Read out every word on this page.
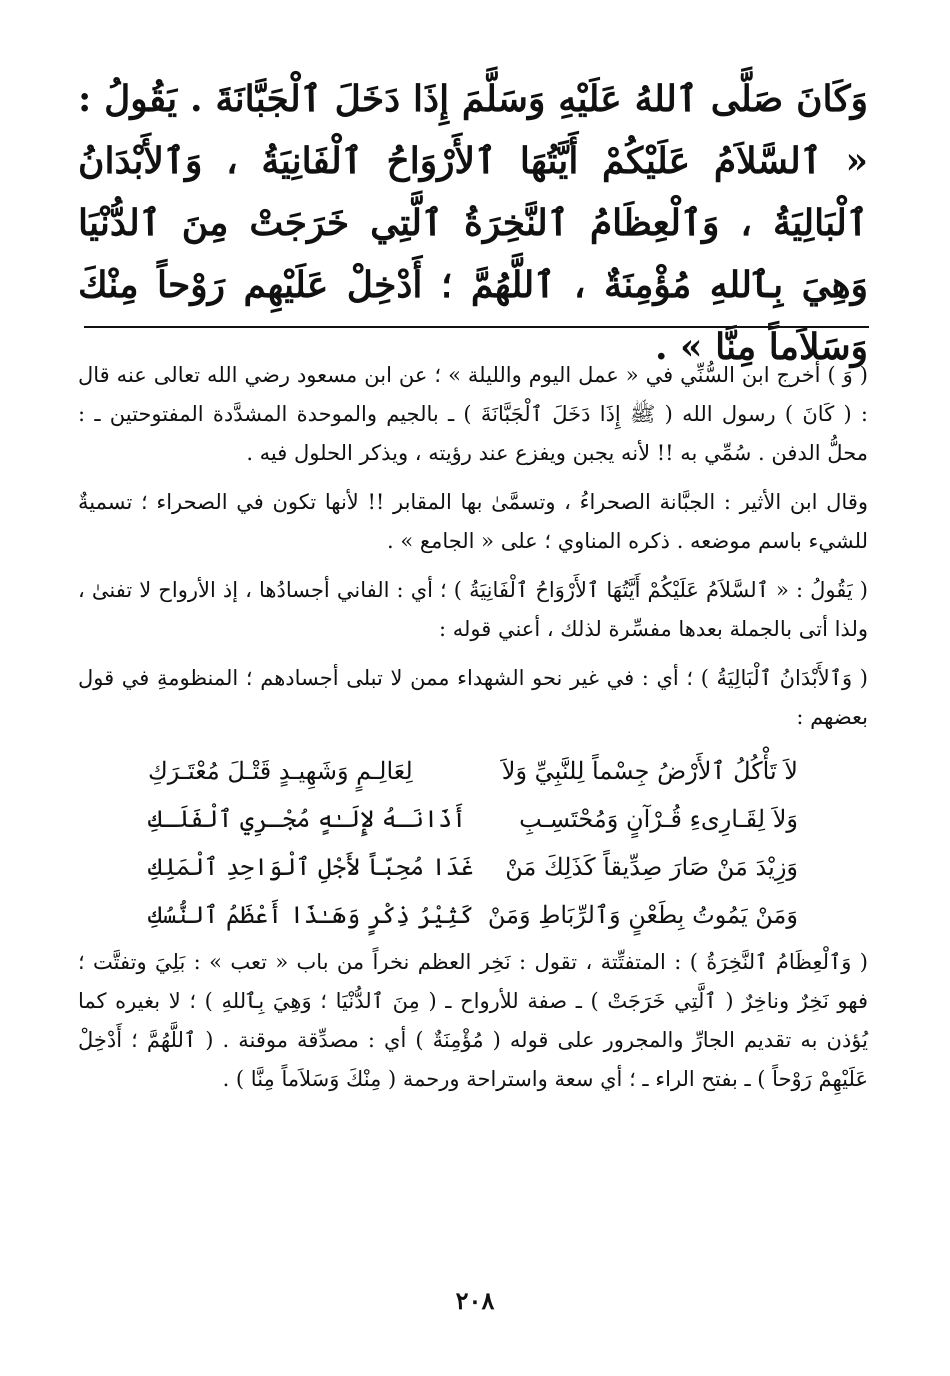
وَكَانَ صَلَّى ٱللهُ عَلَيْهِ وَسَلَّمَ إِذَا دَخَلَ ٱلْجَبَّانَةَ . يَقُولُ : « ٱلسَّلاَمُ عَلَيْكُمْ أَيَّتُهَا ٱلأَرْوَاحُ ٱلْفَانِيَةُ ، وَٱلأَبْدَانُ ٱلْبَالِيَةُ ، وَٱلْعِظَامُ ٱلنَّخِرَةُ ٱلَّتِي خَرَجَتْ مِنَ ٱلدُّنْيَا وَهِيَ بِٱللهِ مُؤْمِنَةٌ ، ٱللَّهُمَّ ؛ أَدْخِلْ عَلَيْهِم رَوْحاً مِنْكَ وَسَلاَماً مِنَّا » .

( وَ ) أخرج ابن السُّنِّي في « عمل اليوم والليلة » ؛ عن ابن مسعود رضي الله تعالى عنه قال : ( كَانَ ) رسول الله ( ﷺ إِذَا دَخَلَ ٱلْجَبَّانَةَ ) ـ بالجيم والموحدة المشدَّدة المفتوحتين ـ : محلُّ الدفن . سُمِّي به !! لأنه يجبن ويفزع عند رؤيته ، ويذكر الحلول فيه .

وقال ابن الأثير : الجبَّانة الصحراءُ ، وتسمَّىٰ بها المقابر !! لأنها تكون في الصحراء ؛ تسميةٌ للشيء باسم موضعه . ذكره المناوي ؛ على « الجامع » .

( يَقُولُ : « ٱلسَّلاَمُ عَلَيْكُمْ أَيَّتُهَا ٱلأَرْوَاحُ ٱلْفَانِيَةُ ) ؛ أي : الفاني أجسادُها ، إذ الأرواح لا تفنىٰ ، ولذا أتى بالجملة بعدها مفسِّرة لذلك ، أعني قوله :

( وَٱلأَبْدَانُ ٱلْبَالِيَةُ ) ؛ أي : في غير نحو الشهداء ممن لا تبلى أجسادهم ؛ المنظومةِ في قول بعضهم :

لاَ تَأْكُلُ ٱلأَرْضُ جِسْماً لِلنَّبِيِّ وَلاَ
لِعَالِـمٍ وَشَهِيـدٍ قَتْـلَ مُعْتَـرَكِ
وَلاَ لِقَـارِىءِ قُـرْآنٍ وَمُحْتَسِـبِ
أَذَانَـهُ لإِلَـٰهٍ مُجْـرِي ٱلْفَلَـكِ
وَزِيْدَ مَنْ صَارَ صِدِّيقاً كَذَلِكَ مَنْ
غَدَا مُحِبّاً لأَجْلِ ٱلْوَاحِدِ ٱلْمَلِكِ
وَمَنْ يَمُوتُ بِطَعْنٍ وَٱلرِّبَاطِ وَمَنْ
كَثِيْرُ ذِكْرٍ وَهَـٰذَا أَعْظَمُ ٱلنُّسُكِ

( وَٱلْعِظَامُ ٱلنَّخِرَةُ ) : المتفتِّتة ، تقول : نَخِر العظم نخراً من باب « تعب » : بَلِيَ وتفتَّت ؛ فهو نَخِرٌ وناخِرٌ ( ٱلَّتِي خَرَجَتْ ) ـ صفة للأرواح ـ ( مِنَ ٱلدُّنْيَا ؛ وَهِيَ بِٱللهِ ) ؛ لا بغيره كما يُؤذن به تقديم الجارِّ والمجرور على قوله ( مُؤْمِنَةٌ ) أي : مصدِّقة موقنة . ( ٱللَّهُمَّ ؛ أَدْخِلْ عَلَيْهِمْ رَوْحاً ) ـ بفتح الراء ـ ؛ أي سعة واستراحة ورحمة ( مِنْكَ وَسَلاَماً مِنَّا ) .

٢٠٨
